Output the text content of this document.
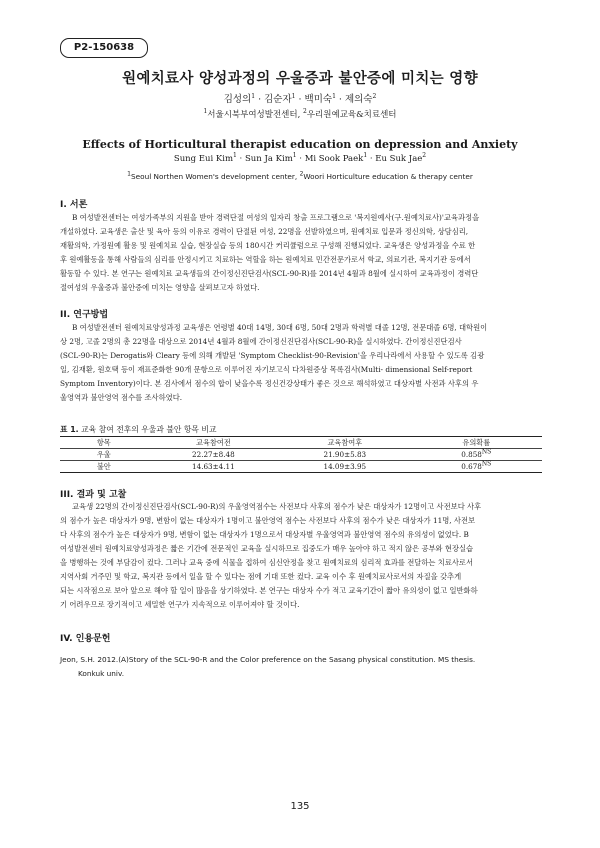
P2-150638
원예치료사 양성과정의 우울증과 불안증에 미치는 영향
김성의$^1$ · 김순자$^1$ · 백미숙$^1$ · 제의숙$^2$
$^1$서울시북부여성발전센터, $^2$우리원예교육&치료센터
Effects of Horticultural therapist education on depression and Anxiety
Sung Eui Kim$^1$ · Sun Ja Kim$^1$ · Mi Sook Paek$^1$ · Eu Suk Jae$^2$
$^1$Seoul Northen Women's development center, $^2$Woori Horticulture education & therapy center
I. 서론
B 여성발전센터는 여성가족부의 지원을 받아 경력단절 여성의 일자리 창출 프로그램으로 '복지원예사(구.원예치료사)'교육과정을
개설하였다. 교육생은 출산 및 육아 등의 이유로 경력이 단절된 여성, 22명을 선발하였으며, 원예치료 입문과 정신의학, 상담심리,
재활의학, 가정원예 활용 및 원예치료 실습, 현장실습 등의 180시간 커리큘럼으로 구성해 진행되었다. 교육생은 양성과정을 수료 한
후 원예활동을 통해 사람들의 심리를 안정시키고 치료하는 역할을 하는 원예치료 민간전문가로서 학교, 의료기관, 복지기관 등에서
활동할 수 있다. 본 연구는 원예치료 교육생들의 간이정신진단검사(SCL-90-R)를 2014년 4월과 8월에 실시하여 교육과정이 경력단
절여성의 우울증과 불안증에 미치는 영향을 살펴보고자 하였다.
II. 연구방법
B 여성발전센터 원예치료양성과정 교육생은 연령별 40대 14명, 30대 6명, 50대 2명과 학력별 대졸 12명, 전문대졸 6명, 대학원이
상 2명, 고졸 2명의 총 22명을 대상으로 2014년 4월과 8월에 간이정신진단검사(SCL-90-R)을 실시하였다. 간이정신진단검사
(SCL-90-R)는 Derogatis와 Cleary 등에 의해 개발된 'Symptom Checklist-90-Revision'을 우리나라에서 사용할 수 있도록 김광
일, 김재환, 원호택 등이 재표준화한 90개 문항으로 이루어진 자기보고식 다차원증상 목록검사(Multi- dimensional Self-report
Symptom Inventory)이다. 본 검사에서 점수의 합이 낮을수록 정신건강상태가 좋은 것으로 해석하였고 대상자별 사전과 사후의 우
울영역과 불안영역 점수를 조사하였다.
표 1. 교육 참여 전후의 우울과 불안 항목 비교
항목	교육참여전	교육참여후	유의확률
우울	22.27±8.48	21.90±5.83	$0.858^{NS}$
불안	14.63±4.11	14.09±3.95	$0.678^{NS}$
III. 결과 및 고찰
교육생 22명의 간이정신진단검사(SCL-90-R)의 우울영역점수는 사전보다 사후의 점수가 낮은 대상자가 12명이고 사전보다 사후
의 점수가 높은 대상자가 9명, 변함이 없는 대상자가 1명이고 불안영역 점수는 사전보다 사후의 점수가 낮은 대상자가 11명, 사전보
다 사후의 점수가 높은 대상자가 9명, 변함이 없는 대상자가 1명으로서 대상자별 우울영역과 불안영역 점수의 유의성이 없었다. B
여성발전센터 원예치료양성과정은 짧은 기간에 전문적인 교육을 실시하므로 집중도가 매우 높아야 하고 적지 않은 공부와 현장실습
을 병행하는 것에 부담감이 컸다. 그러나 교육 중에 식물을 접하여 심신안정을 찾고 원예치료의 심리적 효과를 전달하는 치료사로서
지역사회 거주민 및 학교, 복지관 등에서 일을 할 수 있다는 점에 기대 또한 컸다. 교육 이수 후 원예치료사로서의 자질을 갖추게
되는 시작점으로 보아 앞으로 해야 할 일이 많음을 상기하였다. 본 연구는 대상자 수가 적고 교육기간이 짧아 유의성이 없고 일반화하
기 어려우므로 장기적이고 세밀한 연구가 지속적으로 이루어져야 할 것이다.
IV. 인용문헌
Jeon, S.H. 2012.(A)Story of the SCL-90-R and the Color preference on the Sasang physical constitution. MS thesis.
Konkuk univ.
135
